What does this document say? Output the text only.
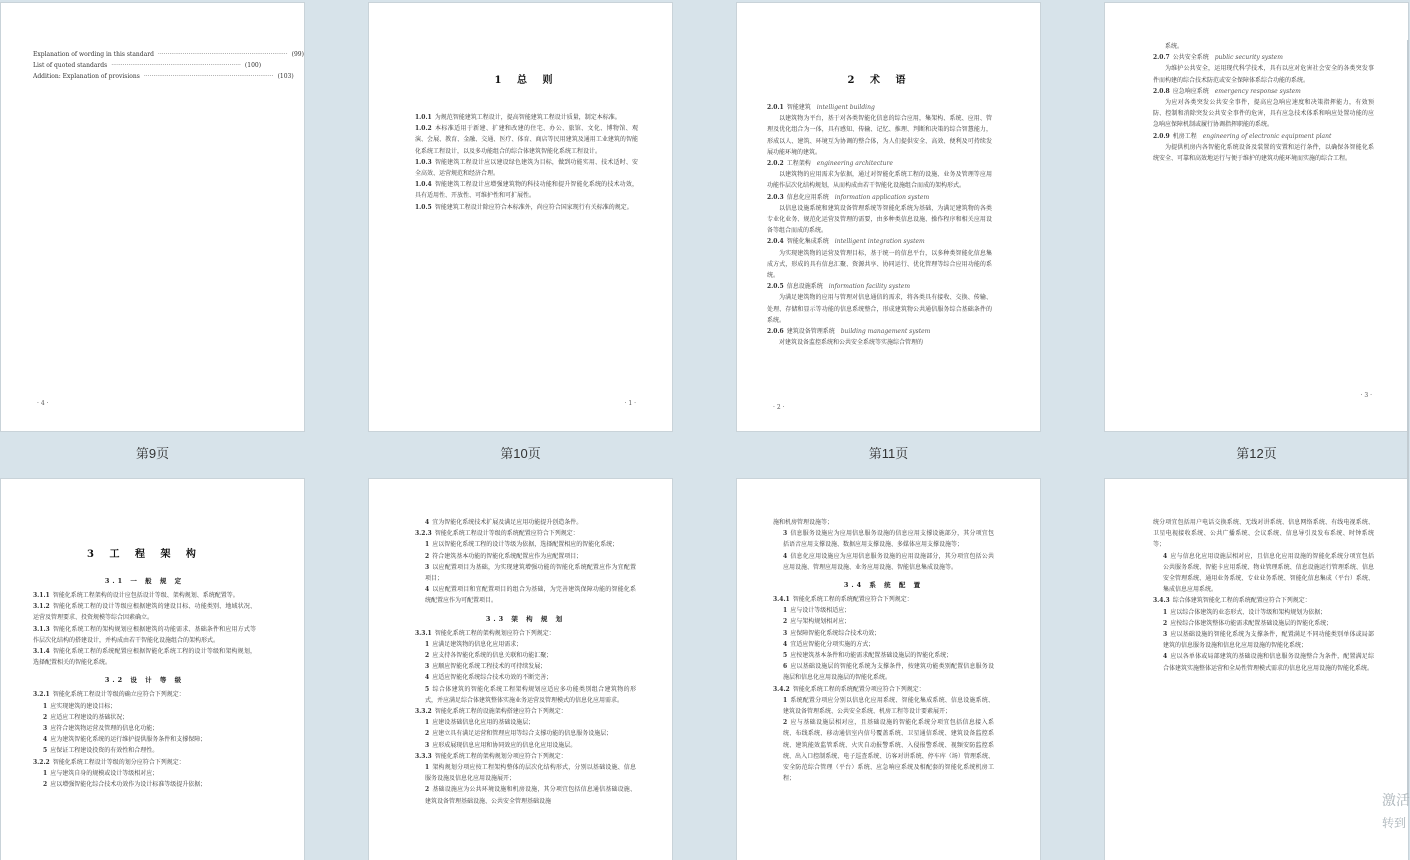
Explanation of wording in this standard ···································································· (99)
List of quoted standards ···································································· (100)
Addition: Explanation of provisions ···································································· (103)
· 4 ·
第9页
1 总 则

1.0.1 为规范智能建筑工程设计，提高智能建筑工程设计质量，制定本标准。

1.0.2 本标准适用于新建、扩建和改建的住宅、办公、旅馆、文化、博物馆、观演、会展、教育、金融、交通、医疗、体育、商店等民用建筑及通用工业建筑的智能化系统工程设计，以及多功能组合的综合体建筑智能化系统工程设计。

1.0.3 智能建筑工程设计应以建设绿色建筑为目标，做到功能实用、技术适时、安全高效、运营规范和经济合理。

1.0.4 智能建筑工程设计应增强建筑物的科技功能和提升智能化系统的技术功效，具有适用性、开放性、可维护性和可扩展性。

1.0.5 智能建筑工程设计除应符合本标准外，尚应符合国家现行有关标准的规定。

· 1 ·
第10页
2 术 语

2.0.1 智能建筑 intelligent building

以建筑物为平台，基于对各类智能化信息的综合应用，集架构、系统、应用、管理及优化组合为一体，具有感知、传输、记忆、推理、判断和决策的综合智慧能力，形成以人、建筑、环境互为协调的整合体，为人们提供安全、高效、便利及可持续发展功能环境的建筑。

2.0.2 工程架构 engineering architecture

以建筑物的应用需求为依据，通过对智能化系统工程的设施、业务及管理等应用功能作层次化结构规划，从而构成由若干智能化设施组合而成的架构形式。

2.0.3 信息化应用系统 information application system

以信息设施系统和建筑设备管理系统等智能化系统为基础，为满足建筑物的各类专业化业务、规范化运营及管理的需要，由多种类信息设施、操作程序和相关应用设备等组合而成的系统。

2.0.4 智能化集成系统 intelligent integration system

为实现建筑物的运营及管理目标，基于统一的信息平台，以多种类智能化信息集成方式，形成的具有信息汇聚、资源共享、协同运行、优化管理等综合应用功能的系统。

2.0.5 信息设施系统 information facility system

为满足建筑物的应用与管理对信息通信的需求，将各类具有接收、交换、传输、处理、存储和显示等功能的信息系统整合，形成建筑物公共通信服务综合基础条件的系统。

2.0.6 建筑设备管理系统 building management system

对建筑设备监控系统和公共安全系统等实施综合管理的

· 2 ·
第11页

系统。

2.0.7 公共安全系统 public security system

为维护公共安全，运用现代科学技术，具有以应对危害社会安全的各类突发事件而构建的综合技术防范或安全保障体系综合功能的系统。

2.0.8 应急响应系统 emergency response system

为应对各类突发公共安全事件，提高应急响应速度和决策指挥能力，有效预防、控制和消除突发公共安全事件的危害，具有应急技术体系和响应处置功能的应急响应保障机制或履行协调指挥职能的系统。

2.0.9 机房工程 engineering of electronic equipment plant

为提供机房内各智能化系统设备及装置的安置和运行条件，以确保各智能化系统安全、可靠和高效地运行与便于维护的建筑功能环境而实施的综合工程。

· 3 ·
第12页
3 工 程 架 构
3.1 一 般 规 定

3.1.1 智能化系统工程架构的设计应包括设计等级、架构规划、系统配置等。

3.1.2 智能化系统工程的设计等级应根据建筑的建设目标、功能类别、地域状况、运营及管理要求、投资规模等综合因素确立。

3.1.3 智能化系统工程的架构规划应根据建筑的功能需求、基础条件和应用方式等作层次化结构的搭建设计，并构成由若干智能化设施组合的架构形式。

3.1.4 智能化系统工程的系统配置应根据智能化系统工程的设计等级和架构规划，选择配置相关的智能化系统。

3.2 设 计 等 级

3.2.1 智能化系统工程设计等级的确立应符合下列规定：

1 应实现建筑的建设目标；

2 应适应工程建设的基础状况；

3 应符合建筑物运营及管理的信息化功能；

4 应为建筑智能化系统的运行维护提供服务条件和支撑保障；

5 应保证工程建设投资的有效性和合理性。

3.2.2 智能化系统工程设计等级的划分应符合下列规定：

1 应与建筑自身的规模或设计等级相对应；

2 应以增强智能化综合技术功效作为设计标准等级提升依据；

4 宜为智能化系统技术扩展及满足应用功能提升创造条件。

3.2.3 智能化系统工程设计等级的系统配置应符合下列规定：

1 应以智能化系统工程的设计等级为依据，选择配置相应的智能化系统；

2 符合建筑基本功能的智能化系统配置应作为应配置项目；

3 以应配置项目为基础，为实现建筑增强功能的智能化系统配置应作为宜配置项目；

4 以应配置项目和宜配置项目的组合为基础，为完善建筑保障功能的智能化系统配置应作为可配置项目。

3.3 架 构 规 划

3.3.1 智能化系统工程的架构规划应符合下列规定：

1 应满足建筑物的信息化应用需求；

2 应支持各智能化系统的信息关联和功能汇聚；

3 应顺应智能化系统工程技术的可持续发展；

4 应适应智能化系统综合技术功效的不断完善；

5 综合体建筑的智能化系统工程架构规划应适应多功能类别组合建筑物的形式，并应满足综合体建筑整体实施业务运营及管理模式的信息化应用需求。

3.3.2 智能化系统工程的设施架构搭建应符合下列规定：

1 应建设基础信息化应用的基础设施层；

2 应建立具有满足运营和管理应用等综合支撑功能的信息服务设施层；

3 应形成展现信息应用和协同效应的信息化应用设施层。

3.3.3 智能化系统工程的架构规划分项应符合下列规定：

1 架构规划分项应按工程架构整体的层次化结构形式，分别以基础设施、信息服务设施及信息化应用设施展开；

2 基础设施应为公共环境设施和机房设施，其分项宜包括信息通信基础设施、建筑设备管理基础设施、公共安全管理基础设施

施和机房管理设施等；

3 信息服务设施应为应用信息服务设施的信息应用支撑设施部分，其分项宜包括语音应用支撑设施、数据应用支撑设施、多媒体应用支撑设施等；

4 信息化应用设施应为应用信息服务设施的应用设施部分，其分项宜包括公共应用设施、管理应用设施、业务应用设施、智能信息集成设施等。

3.4 系 统 配 置

3.4.1 智能化系统工程的系统配置应符合下列规定：

1 应与设计等级相适应；

2 应与架构规划相对应；

3 应保障智能化系统综合技术功效；

4 宜适应智能化分项实施的方式；

5 应按建筑基本条件和功能需求配置基础设施层的智能化系统；

6 应以基础设施层的智能化系统为支撑条件，按建筑功能类别配置信息服务设施层和信息化应用设施层的智能化系统。

3.4.2 智能化系统工程的系统配置分项应符合下列规定：

1 系统配置分项应分别以信息化应用系统、智能化集成系统、信息设施系统、建筑设备管理系统、公共安全系统、机房工程等设计要素展开；

2 应与基础设施层相对应，且基础设施的智能化系统分项宜包括信息接入系统、布线系统、移动通信室内信号覆盖系统、卫星通信系统、建筑设备监控系统、建筑能效监管系统、火灾自动报警系统、入侵报警系统、视频安防监控系统、出入口控制系统、电子巡查系统、访客对讲系统、停车库（场）管理系统、安全防范综合管理（平台）系统、应急响应系统及相配套的智能化系统机房工程；

统分项宜包括用户电话交换系统、无线对讲系统、信息网络系统、有线电视系统、卫星电视接收系统、公共广播系统、会议系统、信息导引及发布系统、时钟系统等；

4 应与信息化应用设施层相对应，且信息化应用设施的智能化系统分项宜包括公共服务系统、智能卡应用系统、物业管理系统、信息设施运行管理系统、信息安全管理系统、通用业务系统、专业业务系统、智能化信息集成（平台）系统、集成信息应用系统。

3.4.3 综合体建筑智能化工程的系统配置应符合下列规定：

1 应以综合体建筑的业态形式、设计等级和架构规划为依据；

2 应按综合体建筑整体功能需求配置基础设施层的智能化系统；

3 应以基础设施的智能化系统为支撑条件，配置满足不同功能类别单体或局部建筑的信息服务设施和信息化应用设施的智能化系统；

4 应以各单体或局部建筑的基础设施和信息服务设施整合为条件，配置满足综合体建筑实施整体运营和全局性管理模式需求的信息化应用设施的智能化系统。

激活
转到
